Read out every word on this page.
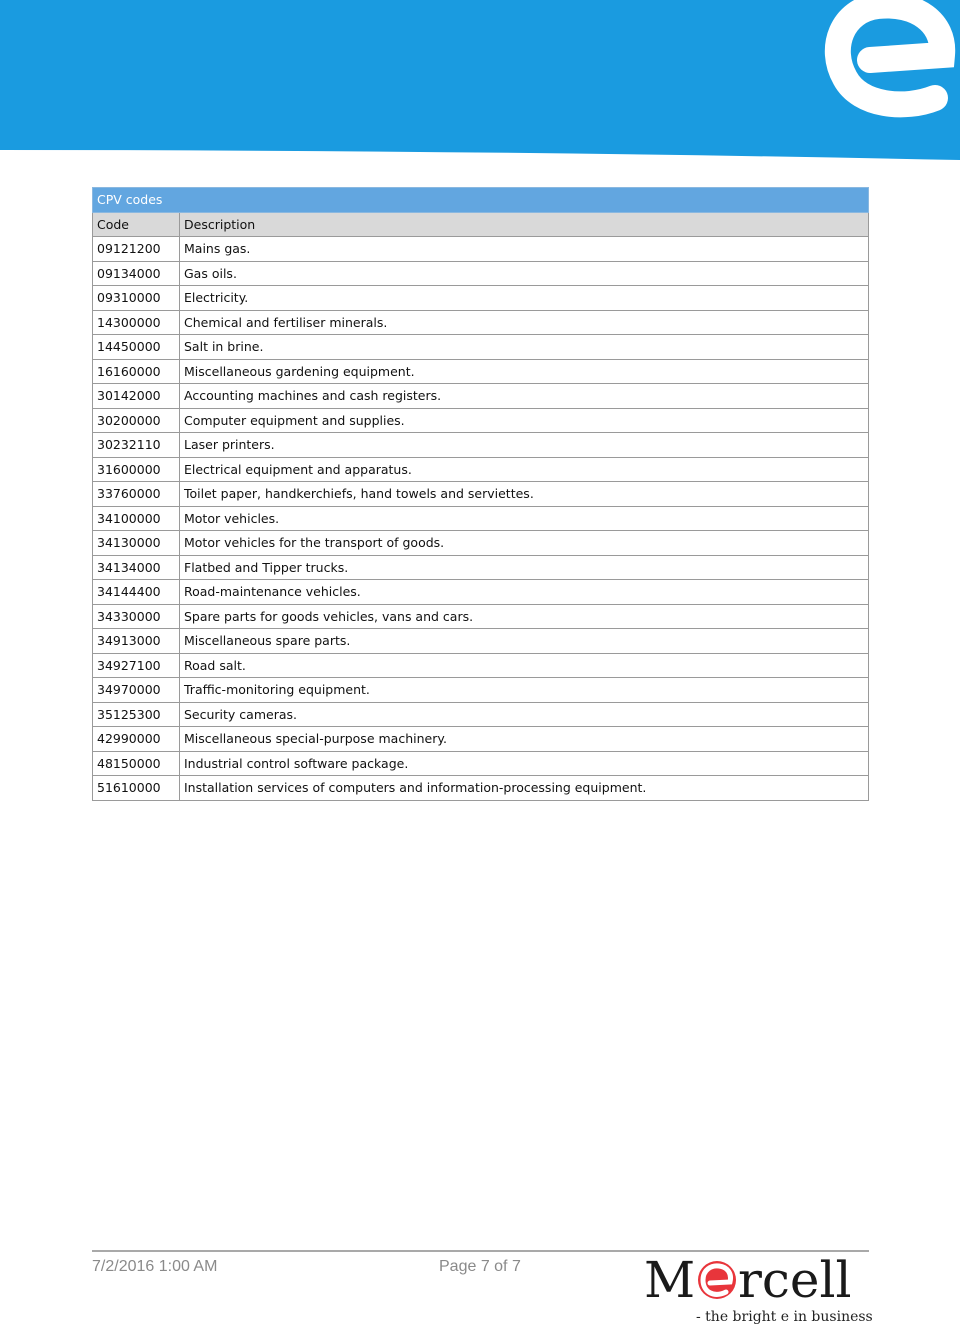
CPV codes	
Code	Description
09121200	Mains gas.
09134000	Gas oils.
09310000	Electricity.
14300000	Chemical and fertiliser minerals.
14450000	Salt in brine.
16160000	Miscellaneous gardening equipment.
30142000	Accounting machines and cash registers.
30200000	Computer equipment and supplies.
30232110	Laser printers.
31600000	Electrical equipment and apparatus.
33760000	Toilet paper, handkerchiefs, hand towels and serviettes.
34100000	Motor vehicles.
34130000	Motor vehicles for the transport of goods.
34134000	Flatbed and Tipper trucks.
34144400	Road-maintenance vehicles.
34330000	Spare parts for goods vehicles, vans and cars.
34913000	Miscellaneous spare parts.
34927100	Road salt.
34970000	Traffic-monitoring equipment.
35125300	Security cameras.
42990000	Miscellaneous special-purpose machinery.
48150000	Industrial control software package.
51610000	Installation services of computers and information-processing equipment.
7/2/2016 1:00 AM	Page 7 of 7 M rcell
- the bright e in business
